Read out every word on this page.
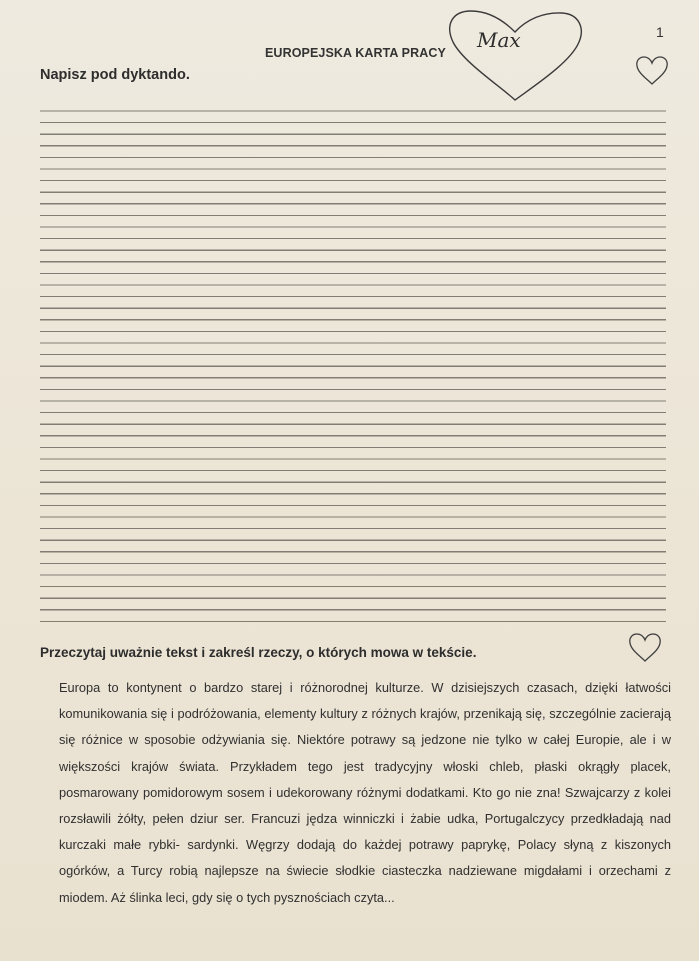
1
EUROPEJSKA KARTA PRACY
Max
Napisz pod dyktando.
Przeczytaj uważnie tekst i zakreśl rzeczy, o których mowa w tekście.
Europa to kontynent o bardzo starej i różnorodnej kulturze. W dzisiejszych czasach, dzięki łatwości komunikowania się i podróżowania, elementy kultury z różnych krajów, przenikają się, szczególnie zacierają się różnice w sposobie odżywiania się. Niektóre potrawy są jedzone nie tylko w całej Europie, ale i w większości krajów świata. Przykładem tego jest tradycyjny włoski chleb, płaski okrągły placek, posmarowany pomidorowym sosem i udekorowany różnymi dodatkami. Kto go nie zna! Szwajcarzy z kolei rozsławili żółty, pełen dziur ser. Francuzi jędza winniczki i żabie udka, Portugalczycy przedkładają nad kurczaki małe rybki- sardynki. Węgrzy dodają do każdej potrawy paprykę, Polacy słyną z kiszonych ogórków, a Turcy robią najlepsze na świecie słodkie ciasteczka nadziewane migdałami i orzechami z miodem. Aż ślinka leci, gdy się o tych pysznościach czyta...
